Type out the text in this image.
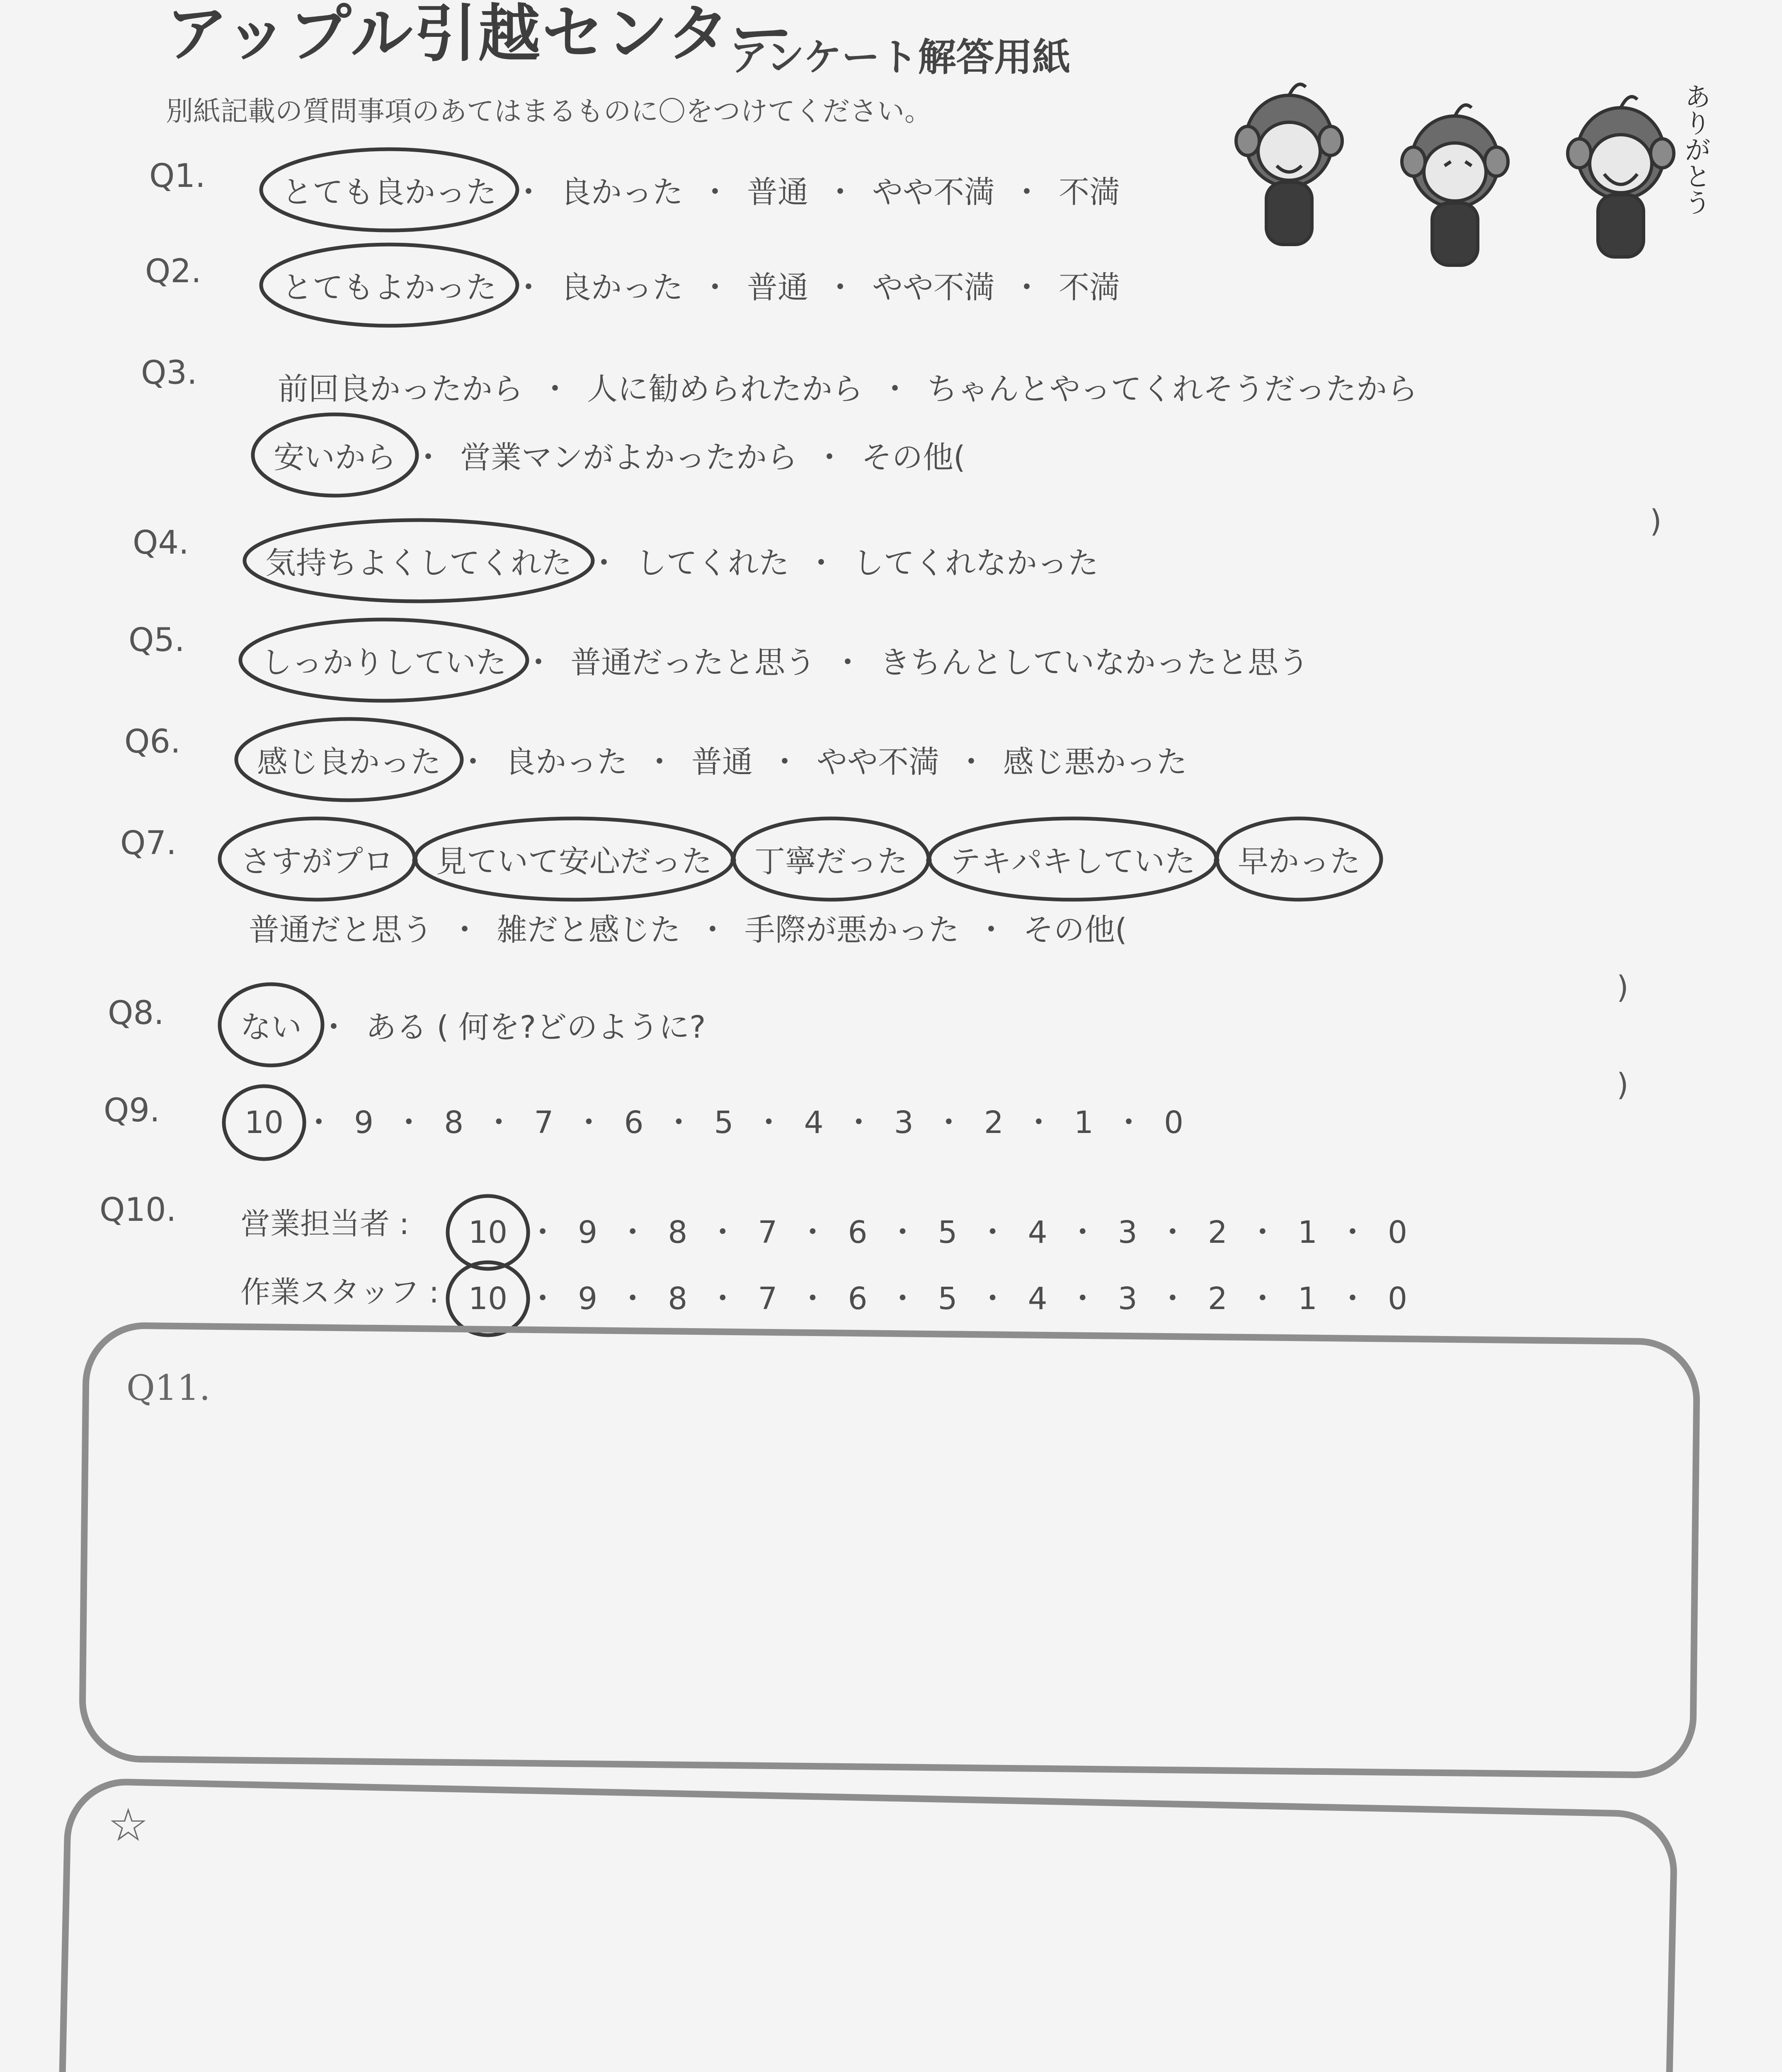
アップル引越センター
アンケート解答用紙
別紙記載の質問事項のあてはまるものに〇をつけてください。	ありがとう
Q1. とても良かった ・ 良かった ・ 普通 ・ やや不満 ・ 不満
Q2.	とてもよかった ・ 良かった ・ 普通 ・ やや不満 ・ 不満
Q3.	前回良かったから ・ 人に勧められたから ・ ちゃんとやってくれそうだったから
安いから ・ 営業マンがよかったから ・ その他(
)
Q4.
気持ちよくしてくれた ・ してくれた ・ してくれなかった
Q5.
しっかりしていた ・ 普通だったと思う ・ きちんとしていなかったと思う
Q6.
感じ良かった ・ 良かった ・ 普通 ・ やや不満 ・ 感じ悪かった
Q7. さすがプロ ・ 見ていて安心だった ・ 丁寧だった ・ テキパキしていた ・ 早かった
普通だと思う ・ 雑だと感じた ・ 手際が悪かった ・ その他(
)
Q8. ない ・ ある ( 何を?どのように?
)
Q9.	10 ・ 9 ・ 8 ・ 7 ・ 6 ・ 5 ・ 4 ・ 3 ・ 2 ・ 1 ・ 0
Q10. 営業担当者 : 10 ・ 9 ・ 8 ・ 7 ・ 6 ・ 5 ・ 4 ・ 3 ・ 2 ・ 1 ・ 0
作業スタッフ : 10 ・ 9 ・ 8 ・ 7 ・ 6 ・ 5 ・ 4 ・ 3 ・ 2 ・ 1 ・ 0
Q11.
☆
